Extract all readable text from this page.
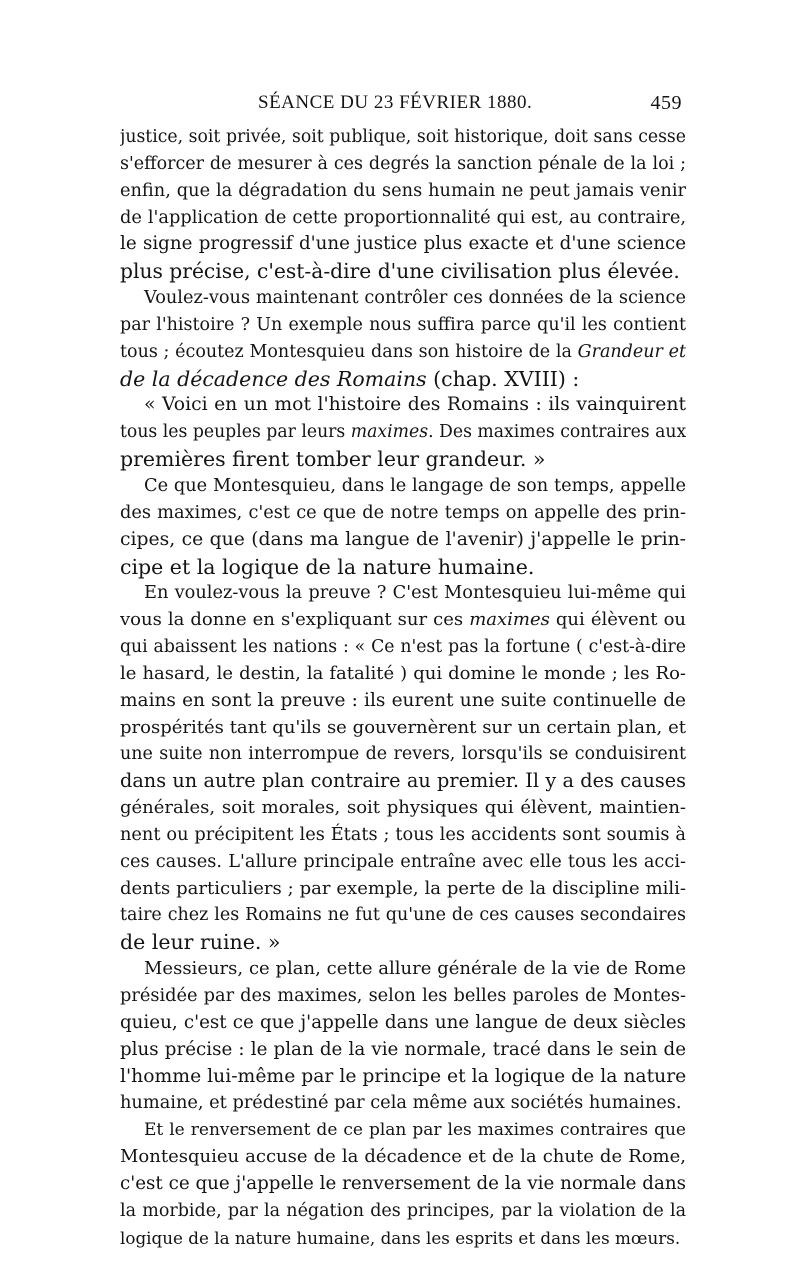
SÉANCE DU 23 FÉVRIER 1880.	459
justice, soit privée, soit publique, soit historique, doit sans cesse
s'efforcer de mesurer à ces degrés la sanction pénale de la loi ;
enfin, que la dégradation du sens humain ne peut jamais venir
de l'application de cette proportionnalité qui est, au contraire,
le signe progressif d'une justice plus exacte et d'une science
plus précise, c'est-à-dire d'une civilisation plus élevée.
Voulez-vous maintenant contrôler ces données de la science
par l'histoire ? Un exemple nous suffira parce qu'il les contient
tous ; écoutez Montesquieu dans son histoire de la Grandeur et
de la décadence des Romains (chap. XVIII) :
« Voici en un mot l'histoire des Romains : ils vainquirent
tous les peuples par leurs maximes. Des maximes contraires aux
premières firent tomber leur grandeur. »
Ce que Montesquieu, dans le langage de son temps, appelle
des maximes, c'est ce que de notre temps on appelle des prin-
cipes, ce que (dans ma langue de l'avenir) j'appelle le prin-
cipe et la logique de la nature humaine.
En voulez-vous la preuve ? C'est Montesquieu lui-même qui
vous la donne en s'expliquant sur ces maximes qui élèvent ou
qui abaissent les nations : « Ce n'est pas la fortune ( c'est-à-dire
le hasard, le destin, la fatalité ) qui domine le monde ; les Ro-
mains en sont la preuve : ils eurent une suite continuelle de
prospérités tant qu'ils se gouvernèrent sur un certain plan, et
une suite non interrompue de revers, lorsqu'ils se conduisirent
dans un autre plan contraire au premier. Il y a des causes
générales, soit morales, soit physiques qui élèvent, maintien-
nent ou précipitent les États ; tous les accidents sont soumis à
ces causes. L'allure principale entraîne avec elle tous les acci-
dents particuliers ; par exemple, la perte de la discipline mili-
taire chez les Romains ne fut qu'une de ces causes secondaires
de leur ruine. »
Messieurs, ce plan, cette allure générale de la vie de Rome
présidée par des maximes, selon les belles paroles de Montes-
quieu, c'est ce que j'appelle dans une langue de deux siècles
plus précise : le plan de la vie normale, tracé dans le sein de
l'homme lui-même par le principe et la logique de la nature
humaine, et prédestiné par cela même aux sociétés humaines.
Et le renversement de ce plan par les maximes contraires que
Montesquieu accuse de la décadence et de la chute de Rome,
c'est ce que j'appelle le renversement de la vie normale dans
la morbide, par la négation des principes, par la violation de la
logique de la nature humaine, dans les esprits et dans les mœurs.
